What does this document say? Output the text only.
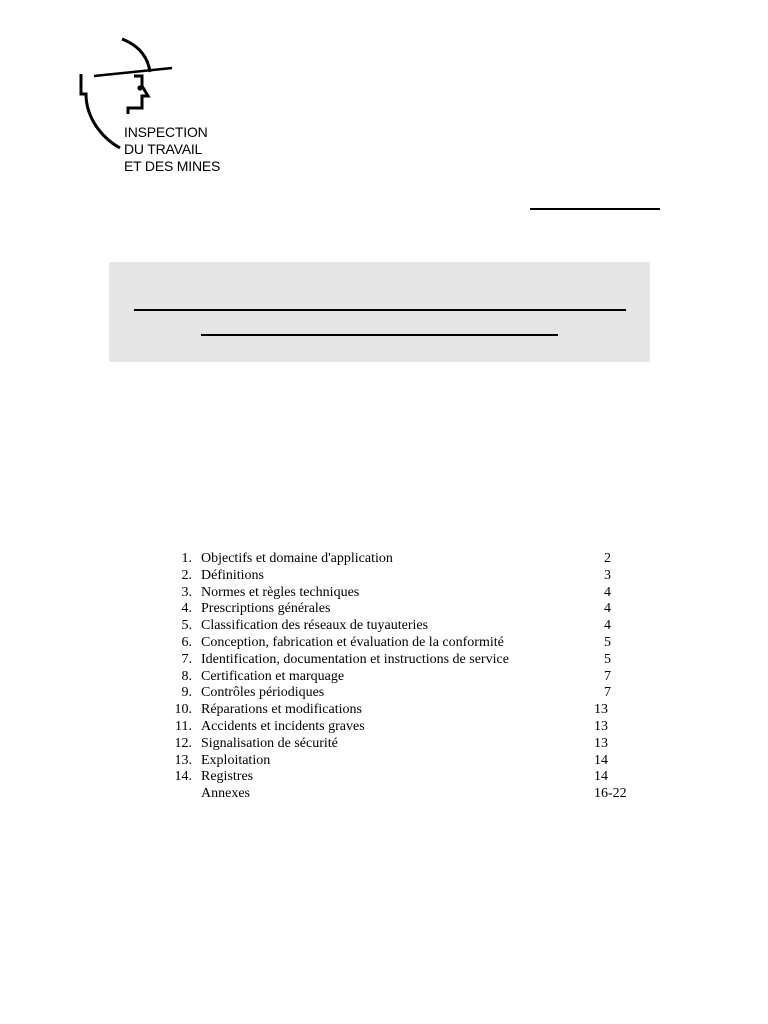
INSPECTION
DU TRAVAIL
ET DES MINES
1. Objectifs et domaine d'application	2
2. Définitions	3
3. Normes et règles techniques	4
4. Prescriptions générales	4
5. Classification des réseaux de tuyauteries	4
6. Conception, fabrication et évaluation de la conformité	5
7. Identification, documentation et instructions de service	5
8. Certification et marquage	7
9. Contrôles périodiques	7
10. Réparations et modifications	13
11. Accidents et incidents graves	13
12. Signalisation de sécurité	13
13. Exploitation	14
14. Registres	14
Annexes	16-22
